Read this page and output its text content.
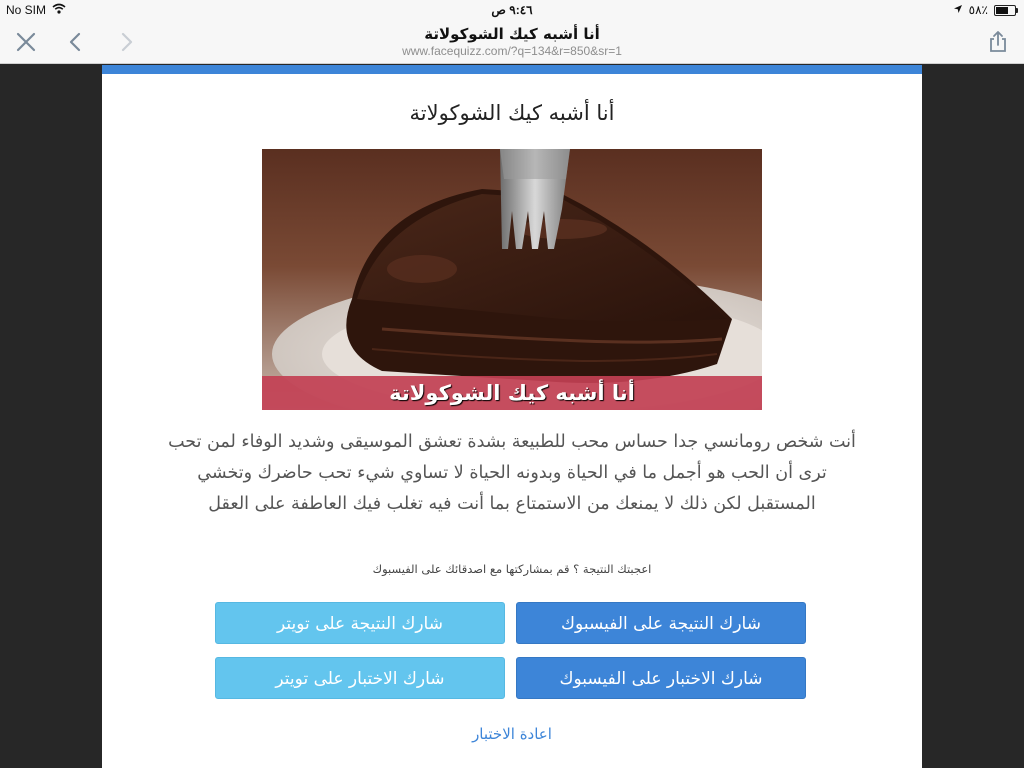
No SIM	٩:٤٦ ص	٥٨٪
أنا أشبه كيك الشوكولاتة
www.facequizz.com/?q=134&r=850&sr=1
أنا أشبه كيك الشوكولاتة
أنا أشبه كيك الشوكولاتة
أنت شخص رومانسي جدا حساس محب للطبيعة بشدة تعشق الموسيقى وشديد الوفاء لمن تحب
ترى أن الحب هو أجمل ما في الحياة وبدونه الحياة لا تساوي شيء تحب حاضرك وتخشي
المستقبل لكن ذلك لا يمنعك من الاستمتاع بما أنت فيه تغلب فيك العاطفة على العقل
اعجبتك النتيجة ؟ قم بمشاركتها مع اصدقائك على الفيسبوك
شارك النتيجة على الفيسبوك
شارك النتيجة على تويتر
شارك الاختبار على الفيسبوك
شارك الاختبار على تويتر
اعادة الاختبار
